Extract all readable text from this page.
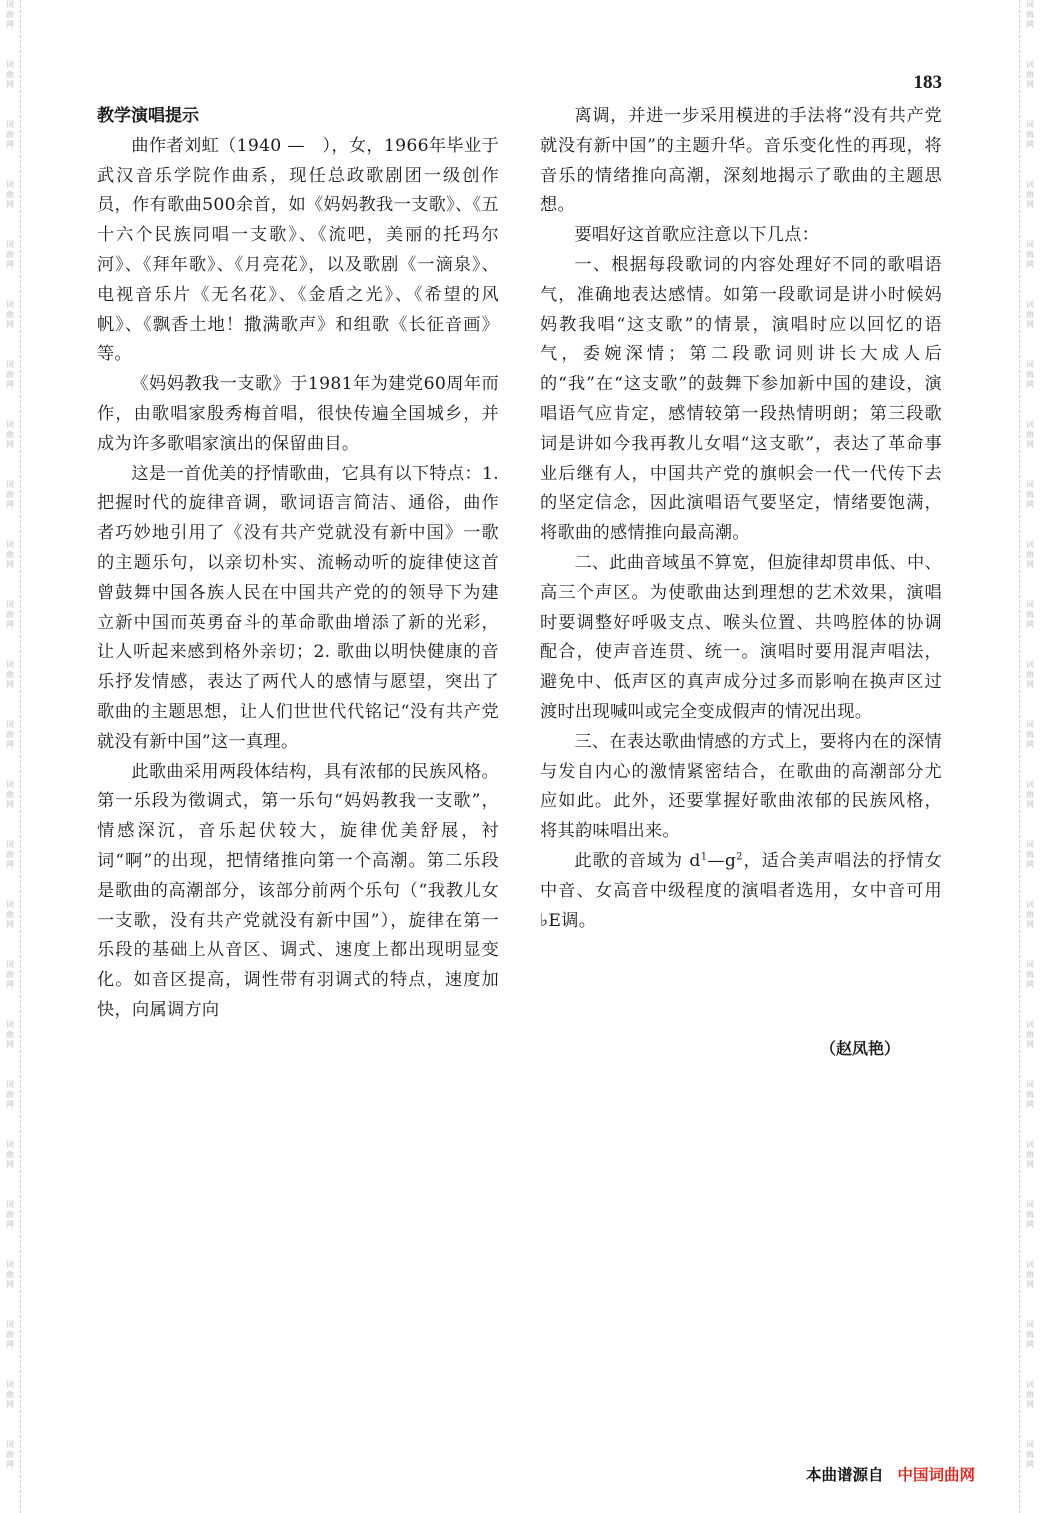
词
曲
网
词
曲
网
词
曲
网
词
曲
网
词
曲
网
词
曲
网
词
曲
网
词
曲
网
词
曲
网
词
曲
网
词
曲
网
词
曲
网
词
曲
网
词
曲
网
词
曲
网
词
曲
网
词
曲
网
词
曲
网
词
曲
网
词
曲
网
词
曲
网
词
曲
网
词
曲
网
词
曲
网
词
曲
网
词
曲
网
词
曲
网
词
曲
网
词
曲
网
词
曲
网
词
曲
网
词
曲
网
词
曲
网
词
曲
网
词
曲
网
词
曲
网
词
曲
网
词
曲
网
词
曲
网
词
曲
网
词
曲
网
词
曲
网
词
曲
网
词
曲
网
词
曲
网
词
曲
网
词
曲
网
词
曲
网
词
曲
网
词
曲
网
183

教学演唱提示

曲作者刘虹（1940 —　），女，1966年毕业于武汉音乐学院作曲系，现任总政歌剧团一级创作员，作有歌曲500余首，如《妈妈教我一支歌》、《五十六个民族同唱一支歌》、《流吧，美丽的托玛尔河》、《拜年歌》、《月亮花》，以及歌剧《一滴泉》、电视音乐片《无名花》、《金盾之光》、《希望的风帆》、《飘香土地！撒满歌声》和组歌《长征音画》等。

《妈妈教我一支歌》于1981年为建党60周年而作，由歌唱家殷秀梅首唱，很快传遍全国城乡，并成为许多歌唱家演出的保留曲目。

这是一首优美的抒情歌曲，它具有以下特点：1. 把握时代的旋律音调，歌词语言简洁、通俗，曲作者巧妙地引用了《没有共产党就没有新中国》一歌的主题乐句，以亲切朴实、流畅动听的旋律使这首曾鼓舞中国各族人民在中国共产党的的领导下为建立新中国而英勇奋斗的革命歌曲增添了新的光彩，让人听起来感到格外亲切；2. 歌曲以明快健康的音乐抒发情感，表达了两代人的感情与愿望，突出了歌曲的主题思想，让人们世世代代铭记“没有共产党就没有新中国”这一真理。

此歌曲采用两段体结构，具有浓郁的民族风格。第一乐段为徵调式，第一乐句“妈妈教我一支歌”，情感深沉，音乐起伏较大，旋律优美舒展，衬词“啊”的出现，把情绪推向第一个高潮。第二乐段是歌曲的高潮部分，该部分前两个乐句（“我教儿女一支歌，没有共产党就没有新中国”），旋律在第一乐段的基础上从音区、调式、速度上都出现明显变化。如音区提高，调性带有羽调式的特点，速度加快，向属调方向

离调，并进一步采用模进的手法将“没有共产党就没有新中国”的主题升华。音乐变化性的再现，将音乐的情绪推向高潮，深刻地揭示了歌曲的主题思想。

要唱好这首歌应注意以下几点：

一、根据每段歌词的内容处理好不同的歌唱语气，准确地表达感情。如第一段歌词是讲小时候妈妈教我唱“这支歌”的情景，演唱时应以回忆的语气，委婉深情；第二段歌词则讲长大成人后的“我”在“这支歌”的鼓舞下参加新中国的建设，演唱语气应肯定，感情较第一段热情明朗；第三段歌词是讲如今我再教儿女唱“这支歌”，表达了革命事业后继有人，中国共产党的旗帜会一代一代传下去的坚定信念，因此演唱语气要坚定，情绪要饱满，将歌曲的感情推向最高潮。

二、此曲音域虽不算宽，但旋律却贯串低、中、高三个声区。为使歌曲达到理想的艺术效果，演唱时要调整好呼吸支点、喉头位置、共鸣腔体的协调配合，使声音连贯、统一。演唱时要用混声唱法，避免中、低声区的真声成分过多而影响在换声区过渡时出现喊叫或完全变成假声的情况出现。

三、在表达歌曲情感的方式上，要将内在的深情与发自内心的激情紧密结合，在歌曲的高潮部分尤应如此。此外，还要掌握好歌曲浓郁的民族风格，将其韵味唱出来。

此歌的音域为 $d^1—g^2$，适合美声唱法的抒情女中音、女高音中级程度的演唱者选用，女中音可用♭E调。

（赵凤艳）
本曲谱源自 中国词曲网
